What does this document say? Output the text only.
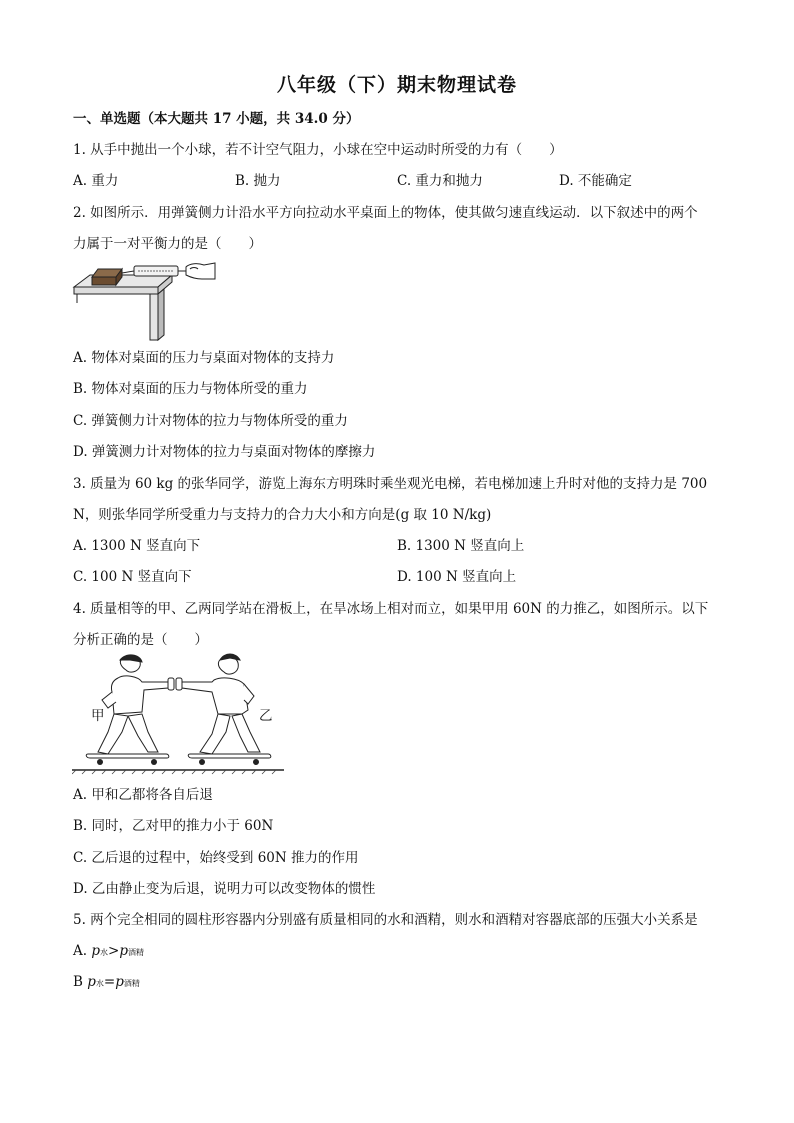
八年级（下）期末物理试卷
一、单选题（本大题共 17 小题，共 34.0 分）
1. 从手中抛出一个小球，若不计空气阻力，小球在空中运动时所受的力有（　　）
A. 重力	B. 抛力	C. 重力和抛力	D. 不能确定
2. 如图所示．用弹簧侧力计沿水平方向拉动水平桌面上的物体，使其做匀速直线运动．以下叙述中的两个
力属于一对平衡力的是（　　）
A. 物体对桌面的压力与桌面对物体的支持力
B. 物体对桌面的压力与物体所受的重力
C. 弹簧侧力计对物体的拉力与物体所受的重力
D. 弹簧测力计对物体的拉力与桌面对物体的摩擦力
3. 质量为 60 kg 的张华同学，游览上海东方明珠时乘坐观光电梯，若电梯加速上升时对他的支持力是 700
N，则张华同学所受重力与支持力的合力大小和方向是(g 取 10 N/kg)
A. 1300 N 竖直向下	B. 1300 N 竖直向上
C. 100 N 竖直向下	D. 100 N 竖直向上
4. 质量相等的甲、乙两同学站在滑板上，在旱冰场上相对而立，如果甲用 60N 的力推乙，如图所示。以下
分析正确的是（　　）
甲	乙
A. 甲和乙都将各自后退
B. 同时，乙对甲的推力小于 60N
C. 乙后退的过程中，始终受到 60N 推力的作用
D. 乙由静止变为后退，说明力可以改变物体的惯性
5. 两个完全相同的圆柱形容器内分别盛有质量相同的水和酒精，则水和酒精对容器底部的压强大小关系是
A. p水>p酒精
B p水=p酒精
